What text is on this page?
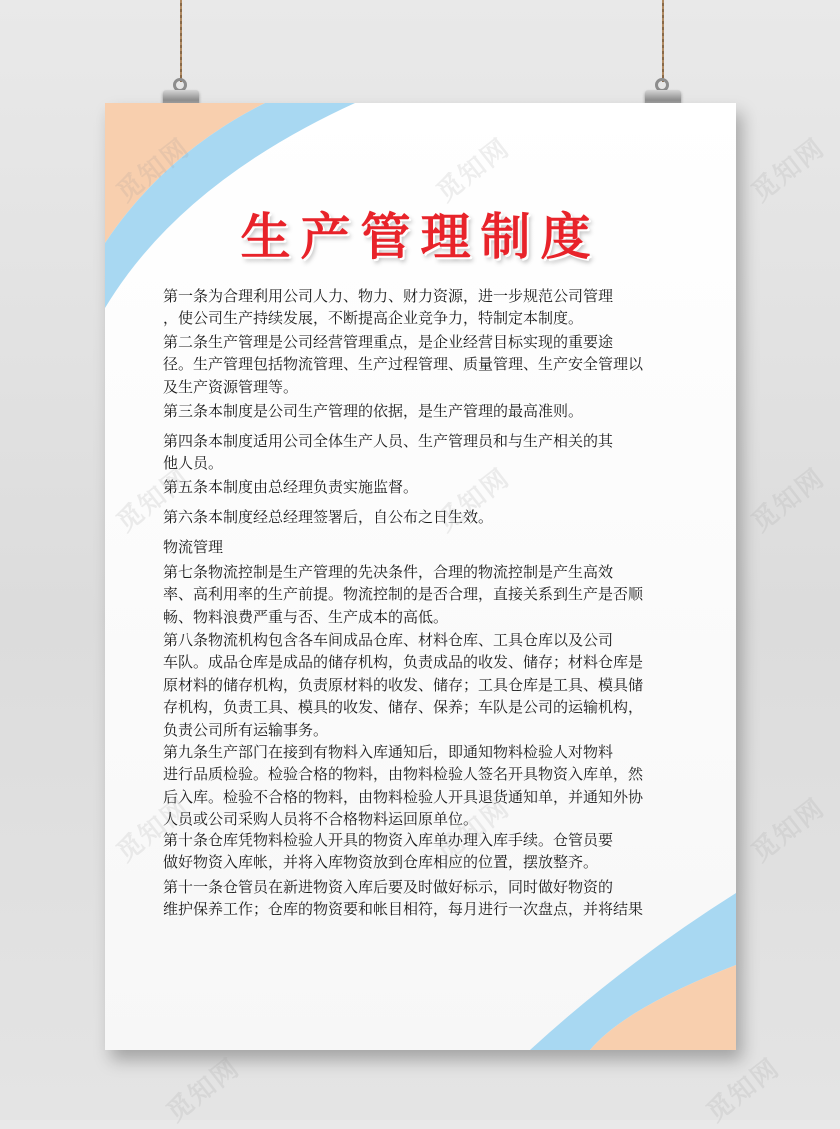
生产管理制度
第一条为合理利用公司人力、物力、财力资源，进一步规范公司管理
，使公司生产持续发展，不断提高企业竞争力，特制定本制度。
第二条生产管理是公司经营管理重点，是企业经营目标实现的重要途
径。生产管理包括物流管理、生产过程管理、质量管理、生产安全管理以
及生产资源管理等。
第三条本制度是公司生产管理的依据，是生产管理的最高准则。
第四条本制度适用公司全体生产人员、生产管理员和与生产相关的其
他人员。
第五条本制度由总经理负责实施监督。
第六条本制度经总经理签署后，自公布之日生效。
物流管理
第七条物流控制是生产管理的先决条件，合理的物流控制是产生高效
率、高利用率的生产前提。物流控制的是否合理，直接关系到生产是否顺
畅、物料浪费严重与否、生产成本的高低。
第八条物流机构包含各车间成品仓库、材料仓库、工具仓库以及公司
车队。成品仓库是成品的储存机构，负责成品的收发、储存；材料仓库是
原材料的储存机构，负责原材料的收发、储存；工具仓库是工具、模具储
存机构，负责工具、模具的收发、储存、保养；车队是公司的运输机构，
负责公司所有运输事务。
第九条生产部门在接到有物料入库通知后，即通知物料检验人对物料
进行品质检验。检验合格的物料，由物料检验人签名开具物资入库单，然
后入库。检验不合格的物料，由物料检验人开具退货通知单，并通知外协
人员或公司采购人员将不合格物料运回原单位。
第十条仓库凭物料检验人开具的物资入库单办理入库手续。仓管员要
做好物资入库帐，并将入库物资放到仓库相应的位置，摆放整齐。
第十一条仓管员在新进物资入库后要及时做好标示，同时做好物资的
维护保养工作；仓库的物资要和帐目相符，每月进行一次盘点，并将结果
觅知网
觅知网
觅知网
觅知网	觅知网
